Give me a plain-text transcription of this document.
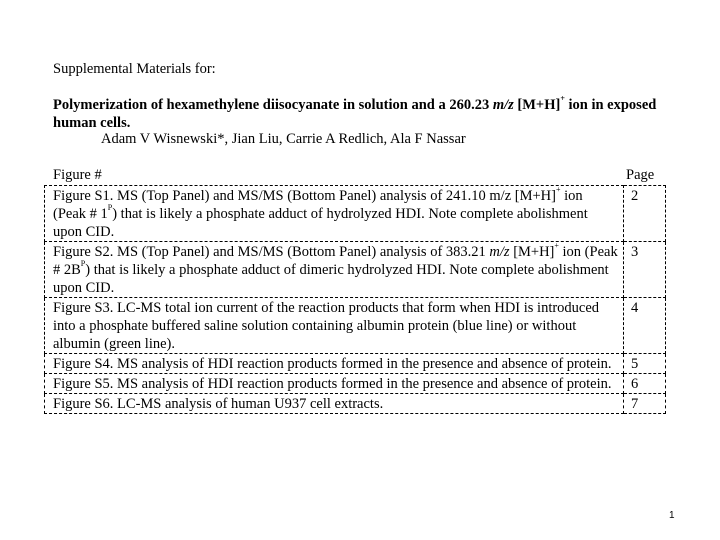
Supplemental Materials for:
Polymerization of hexamethylene diisocyanate in solution and a 260.23 m/z [M+H]+ ion in exposed human cells.
Adam V Wisnewski*, Jian Liu, Carrie A Redlich, Ala F Nassar
Figure #	Page
Figure S1. MS (Top Panel) and MS/MS (Bottom Panel) analysis of 241.10 m/z [M+H]+ ion (Peak # $1^P$) that is likely a phosphate adduct of hydrolyzed HDI. Note complete abolishment upon CID.	2
Figure S2. MS (Top Panel) and MS/MS (Bottom Panel) analysis of 383.21 m/z [M+H]+ ion (Peak # $2B^P$) that is likely a phosphate adduct of dimeric hydrolyzed HDI. Note complete abolishment upon CID.	3
Figure S3. LC-MS total ion current of the reaction products that form when HDI is introduced into a phosphate buffered saline solution containing albumin protein (blue line) or without albumin (green line).	4
Figure S4. MS analysis of HDI reaction products formed in the presence and absence of protein.	5
Figure S5. MS analysis of HDI reaction products formed in the presence and absence of protein.	6
Figure S6. LC-MS analysis of human U937 cell extracts.	7
1
